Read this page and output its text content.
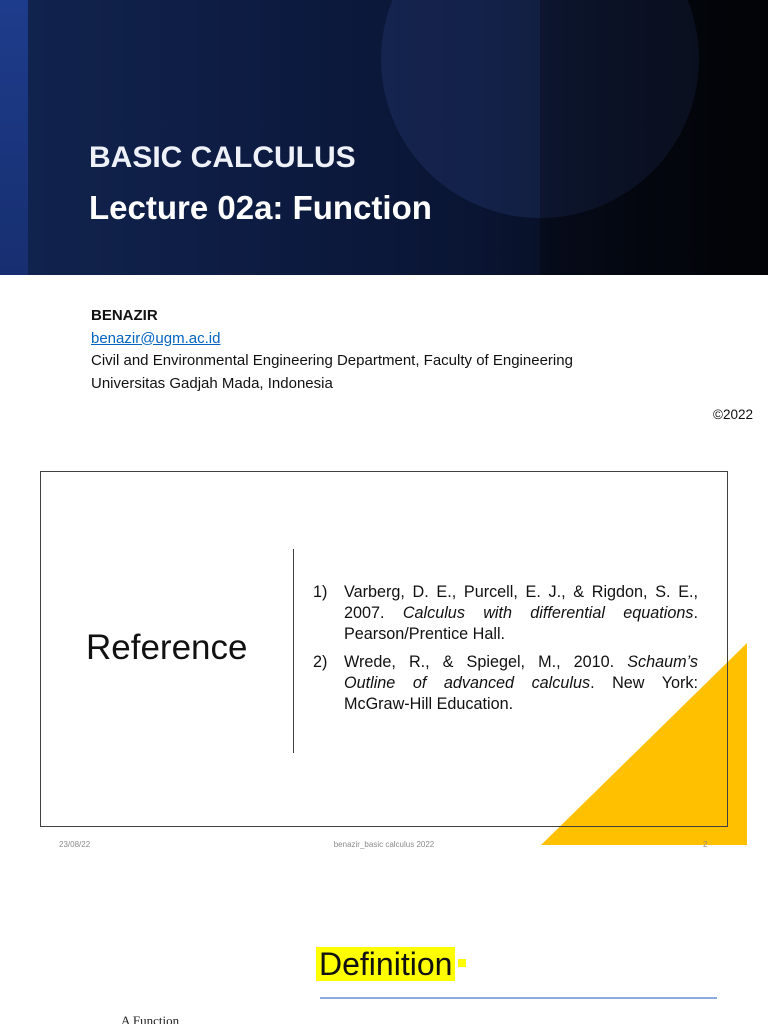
BASIC CALCULUS
Lecture 02a: Function
BENAZIR
benazir@ugm.ac.id
Civil and Environmental Engineering Department, Faculty of Engineering
Universitas Gadjah Mada, Indonesia
©2022
Reference
1)	Varberg, D. E., Purcell, E. J., & Rigdon, S. E., 2007. Calculus with differential equations. Pearson/Prentice Hall.
2)	Wrede, R., & Spiegel, M., 2010. Schaum’s Outline of advanced calculus. New York: McGraw-Hill Education.
23/08/22	benazir_basic calculus 2022	2
Definition
A Function
